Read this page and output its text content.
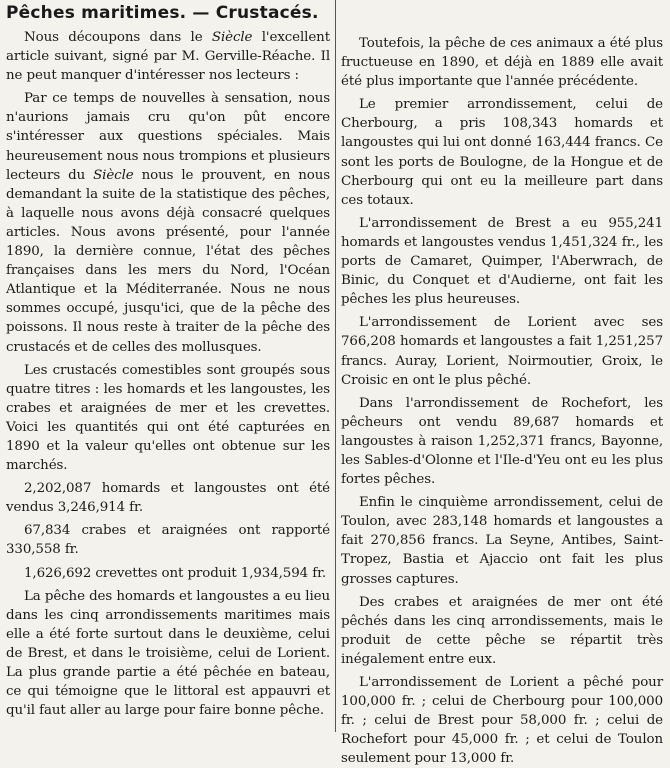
Pêches maritimes. — Crustacés.

Nous découpons dans le Siècle l'excellent article suivant, signé par M. Gerville-Réache. Il ne peut manquer d'intéresser nos lecteurs :

Par ce temps de nouvelles à sensation, nous n'aurions jamais cru qu'on pût encore s'intéresser aux questions spéciales. Mais heureusement nous nous trompions et plusieurs lecteurs du Siècle nous le prouvent, en nous demandant la suite de la statistique des pêches, à laquelle nous avons déjà consacré quelques articles. Nous avons présenté, pour l'année 1890, la dernière connue, l'état des pêches françaises dans les mers du Nord, l'Océan Atlantique et la Méditerranée. Nous ne nous sommes occupé, jusqu'ici, que de la pêche des poissons. Il nous reste à traiter de la pêche des crustacés et de celles des mollusques.

Les crustacés comestibles sont groupés sous quatre titres : les homards et les langoustes, les crabes et araignées de mer et les crevettes. Voici les quantités qui ont été capturées en 1890 et la valeur qu'elles ont obtenue sur les marchés.

2,202,087 homards et langoustes ont été vendus 3,246,914 fr.

67,834 crabes et araignées ont rapporté 330,558 fr.

1,626,692 crevettes ont produit 1,934,594 fr.

La pêche des homards et langoustes a eu lieu dans les cinq arrondissements maritimes mais elle a été forte surtout dans le deuxième, celui de Brest, et dans le troisième, celui de Lorient. La plus grande partie a été pêchée en bateau, ce qui témoigne que le littoral est appauvri et qu'il faut aller au large pour faire bonne pêche.

Toutefois, la pêche de ces animaux a été plus fructueuse en 1890, et déjà en 1889 elle avait été plus importante que l'année précédente.

Le premier arrondissement, celui de Cherbourg, a pris 108,343 homards et langoustes qui lui ont donné 163,444 francs. Ce sont les ports de Boulogne, de la Hongue et de Cherbourg qui ont eu la meilleure part dans ces totaux.

L'arrondissement de Brest a eu 955,241 homards et langoustes vendus 1,451,324 fr., les ports de Camaret, Quimper, l'Aberwrach, de Binic, du Conquet et d'Audierne, ont fait les pêches les plus heureuses.

L'arrondissement de Lorient avec ses 766,208 homards et langoustes a fait 1,251,257 francs. Auray, Lorient, Noirmoutier, Groix, le Croisic en ont le plus pêché.

Dans l'arrondissement de Rochefort, les pêcheurs ont vendu 89,687 homards et langoustes à raison 1,252,371 francs, Bayonne, les Sables-d'Olonne et l'Ile-d'Yeu ont eu les plus fortes pêches.

Enfin le cinquième arrondissement, celui de Toulon, avec 283,148 homards et langoustes a fait 270,856 francs. La Seyne, Antibes, Saint-Tropez, Bastia et Ajaccio ont fait les plus grosses captures.

Des crabes et araignées de mer ont été pêchés dans les cinq arrondissements, mais le produit de cette pêche se répartit très inégalement entre eux.

L'arrondissement de Lorient a pêché pour 100,000 fr. ; celui de Cherbourg pour 100,000 fr. ; celui de Brest pour 58,000 fr. ; celui de Rochefort pour 45,000 fr. ; et celui de Toulon seulement pour 13,000 fr.
